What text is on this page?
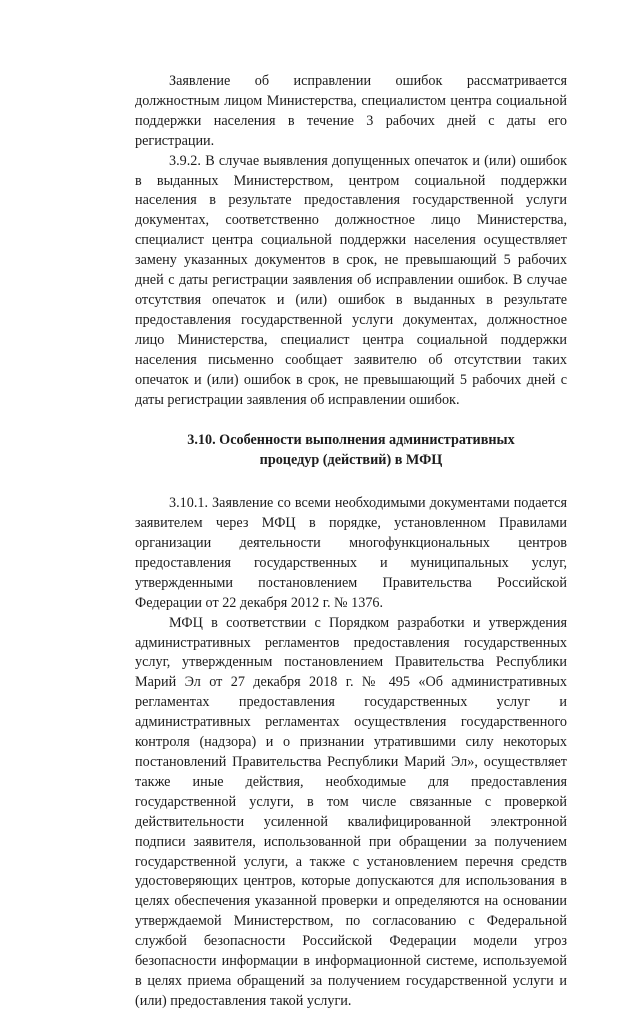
Заявление об исправлении ошибок рассматривается должностным лицом Министерства, специалистом центра социальной поддержки населения в течение 3 рабочих дней с даты его регистрации.

3.9.2. В случае выявления допущенных опечаток и (или) ошибок в выданных Министерством, центром социальной поддержки населения в результате предоставления государственной услуги документах, соответственно должностное лицо Министерства, специалист центра социальной поддержки населения осуществляет замену указанных документов в срок, не превышающий 5 рабочих дней с даты регистрации заявления об исправлении ошибок. В случае отсутствия опечаток и (или) ошибок в выданных в результате предоставления государственной услуги документах, должностное лицо Министерства, специалист центра социальной поддержки населения письменно сообщает заявителю об отсутствии таких опечаток и (или) ошибок в срок, не превышающий 5 рабочих дней с даты регистрации заявления об исправлении ошибок.

3.10. Особенности выполнения административных
процедур (действий) в МФЦ

3.10.1. Заявление со всеми необходимыми документами подается заявителем через МФЦ в порядке, установленном Правилами организации деятельности многофункциональных центров предоставления государственных и муниципальных услуг, утвержденными постановлением Правительства Российской Федерации от 22 декабря 2012 г. № 1376.

МФЦ в соответствии с Порядком разработки и утверждения административных регламентов предоставления государственных услуг, утвержденным постановлением Правительства Республики Марий Эл от 27 декабря 2018 г. № 495 «Об административных регламентах предоставления государственных услуг и административных регламентах осуществления государственного контроля (надзора) и о признании утратившими силу некоторых постановлений Правительства Республики Марий Эл», осуществляет также иные действия, необходимые для предоставления государственной услуги, в том числе связанные с проверкой действительности усиленной квалифицированной электронной подписи заявителя, использованной при обращении за получением государственной услуги, а также с установлением перечня средств удостоверяющих центров, которые допускаются для использования в целях обеспечения указанной проверки и определяются на основании утверждаемой Министерством, по согласованию с Федеральной службой безопасности Российской Федерации модели угроз безопасности информации в информационной системе, используемой в целях приема обращений за получением государственной услуги и (или) предоставления такой услуги.
